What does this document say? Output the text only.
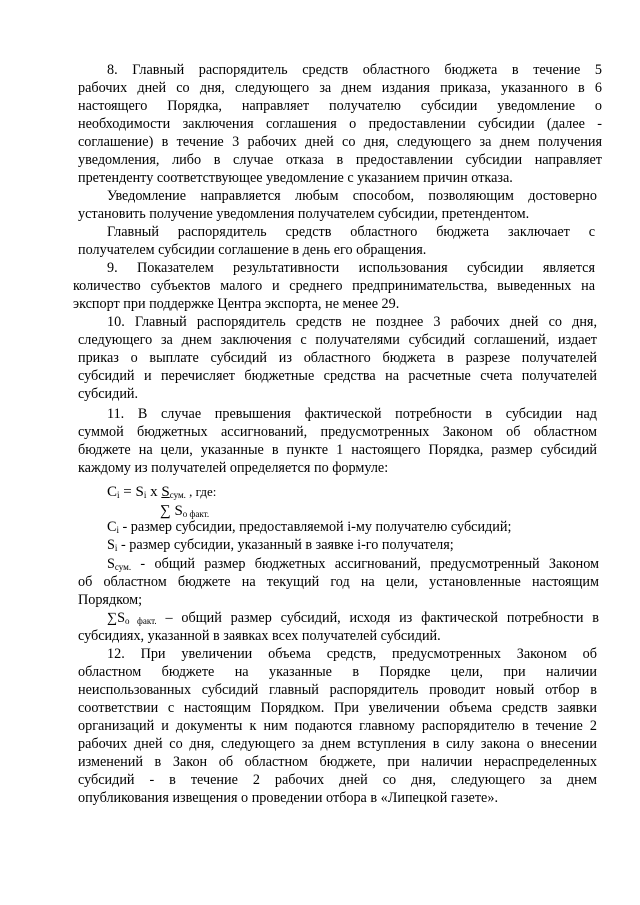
8. Главный распорядитель средств областного бюджета в течение 5
рабочих дней со дня, следующего за днем издания приказа, указанного в 6
настоящего Порядка, направляет получателю субсидии уведомление о
необходимости заключения соглашения о предоставлении субсидии (далее -
соглашение) в течение 3 рабочих дней со дня, следующего за днем получения
уведомления, либо в случае отказа в предоставлении субсидии направляет
претенденту соответствующее уведомление с указанием причин отказа.
Уведомление направляется любым способом, позволяющим достоверно
установить получение уведомления получателем субсидии, претендентом.
Главный распорядитель средств областного бюджета заключает с
получателем субсидии соглашение в день его обращения.
9. Показателем результативности использования субсидии является
количество субъектов малого и среднего предпринимательства, выведенных на
экспорт при поддержке Центра экспорта, не менее 29.
10. Главный распорядитель средств не позднее 3 рабочих дней со дня,
следующего за днем заключения с получателями субсидий соглашений, издает
приказ о выплате субсидий из областного бюджета в разрезе получателей
субсидий и перечисляет бюджетные средства на расчетные счета получателей
субсидий.
11. В случае превышения фактической потребности в субсидии над
суммой бюджетных ассигнований, предусмотренных Законом об областном
бюджете на цели, указанные в пункте 1 настоящего Порядка, размер субсидий
каждому из получателей определяется по формуле:
$C_i = S_i$ x $S_{сум.}$ , где:
∑ $S_{о факт.}$
$C_i$ - размер субсидии, предоставляемой i-му получателю субсидий;
$S_i$ - размер субсидии, указанный в заявке i-го получателя;
$S_{сум.}$ - общий размер бюджетных ассигнований, предусмотренный Законом
об областном бюджете на текущий год на цели, установленные настоящим
Порядком;
$\sum S_{о факт.}$ – общий размер субсидий, исходя из фактической потребности в
субсидиях, указанной в заявках всех получателей субсидий.
12. При увеличении объема средств, предусмотренных Законом об
областном бюджете на указанные в Порядке цели, при наличии
неиспользованных субсидий главный распорядитель проводит новый отбор в
соответствии с настоящим Порядком. При увеличении объема средств заявки
организаций и документы к ним подаются главному распорядителю в течение 2
рабочих дней со дня, следующего за днем вступления в силу закона о внесении
изменений в Закон об областном бюджете, при наличии нераспределенных
субсидий - в течение 2 рабочих дней со дня, следующего за днем
опубликования извещения о проведении отбора в «Липецкой газете».
